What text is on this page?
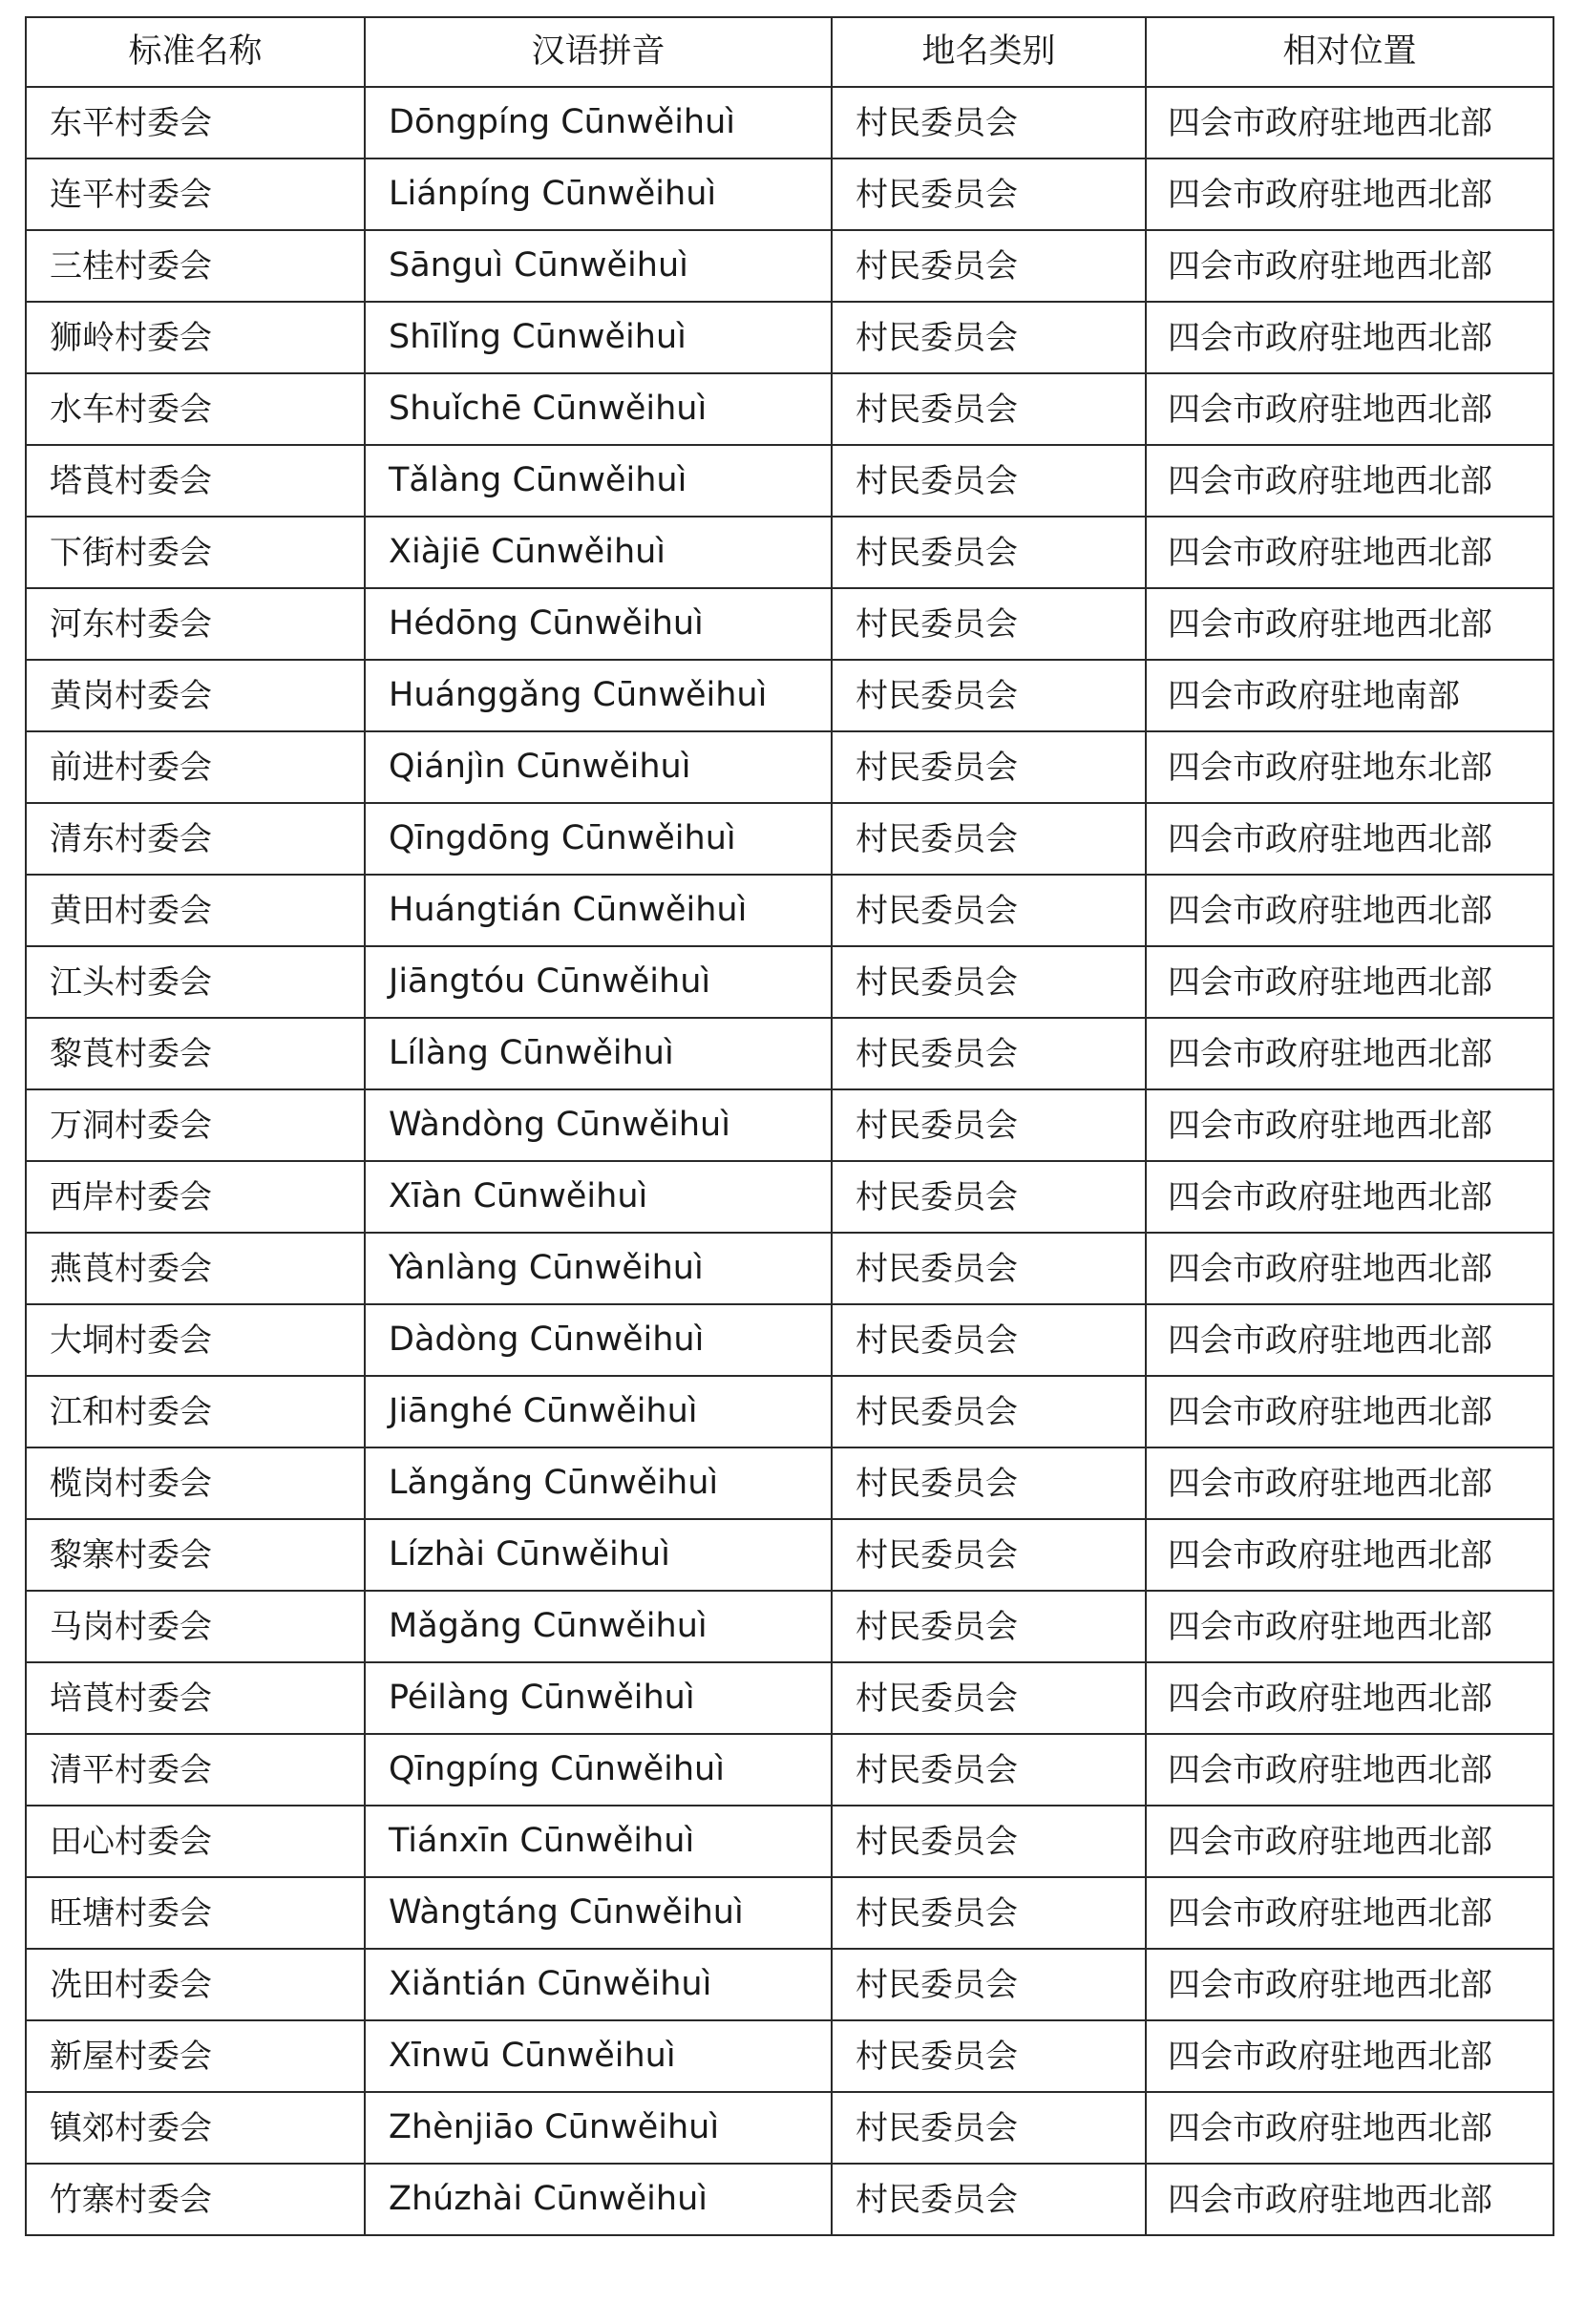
标准名称	汉语拼音	地名类别	相对位置
东平村委会	Dōngpíng Cūnwěihuì	村民委员会	四会市政府驻地西北部
连平村委会	Liánpíng Cūnwěihuì	村民委员会	四会市政府驻地西北部
三桂村委会	Sānguì Cūnwěihuì	村民委员会	四会市政府驻地西北部
狮岭村委会	Shīlǐng Cūnwěihuì	村民委员会	四会市政府驻地西北部
水车村委会	Shuǐchē Cūnwěihuì	村民委员会	四会市政府驻地西北部
塔莨村委会	Tǎlàng Cūnwěihuì	村民委员会	四会市政府驻地西北部
下街村委会	Xiàjiē Cūnwěihuì	村民委员会	四会市政府驻地西北部
河东村委会	Hédōng Cūnwěihuì	村民委员会	四会市政府驻地西北部
黄岗村委会	Huánggǎng Cūnwěihuì	村民委员会	四会市政府驻地南部
前进村委会	Qiánjìn Cūnwěihuì	村民委员会	四会市政府驻地东北部
清东村委会	Qīngdōng Cūnwěihuì	村民委员会	四会市政府驻地西北部
黄田村委会	Huángtián Cūnwěihuì	村民委员会	四会市政府驻地西北部
江头村委会	Jiāngtóu Cūnwěihuì	村民委员会	四会市政府驻地西北部
黎莨村委会	Lílàng Cūnwěihuì	村民委员会	四会市政府驻地西北部
万洞村委会	Wàndòng Cūnwěihuì	村民委员会	四会市政府驻地西北部
西岸村委会	Xīàn Cūnwěihuì	村民委员会	四会市政府驻地西北部
燕莨村委会	Yànlàng Cūnwěihuì	村民委员会	四会市政府驻地西北部
大垌村委会	Dàdòng Cūnwěihuì	村民委员会	四会市政府驻地西北部
江和村委会	Jiānghé Cūnwěihuì	村民委员会	四会市政府驻地西北部
榄岗村委会	Lǎngǎng Cūnwěihuì	村民委员会	四会市政府驻地西北部
黎寨村委会	Lízhài Cūnwěihuì	村民委员会	四会市政府驻地西北部
马岗村委会	Mǎgǎng Cūnwěihuì	村民委员会	四会市政府驻地西北部
培莨村委会	Péilàng Cūnwěihuì	村民委员会	四会市政府驻地西北部
清平村委会	Qīngpíng Cūnwěihuì	村民委员会	四会市政府驻地西北部
田心村委会	Tiánxīn Cūnwěihuì	村民委员会	四会市政府驻地西北部
旺塘村委会	Wàngtáng Cūnwěihuì	村民委员会	四会市政府驻地西北部
冼田村委会	Xiǎntián Cūnwěihuì	村民委员会	四会市政府驻地西北部
新屋村委会	Xīnwū Cūnwěihuì	村民委员会	四会市政府驻地西北部
镇郊村委会	Zhènjiāo Cūnwěihuì	村民委员会	四会市政府驻地西北部
竹寨村委会	Zhúzhài Cūnwěihuì	村民委员会	四会市政府驻地西北部
